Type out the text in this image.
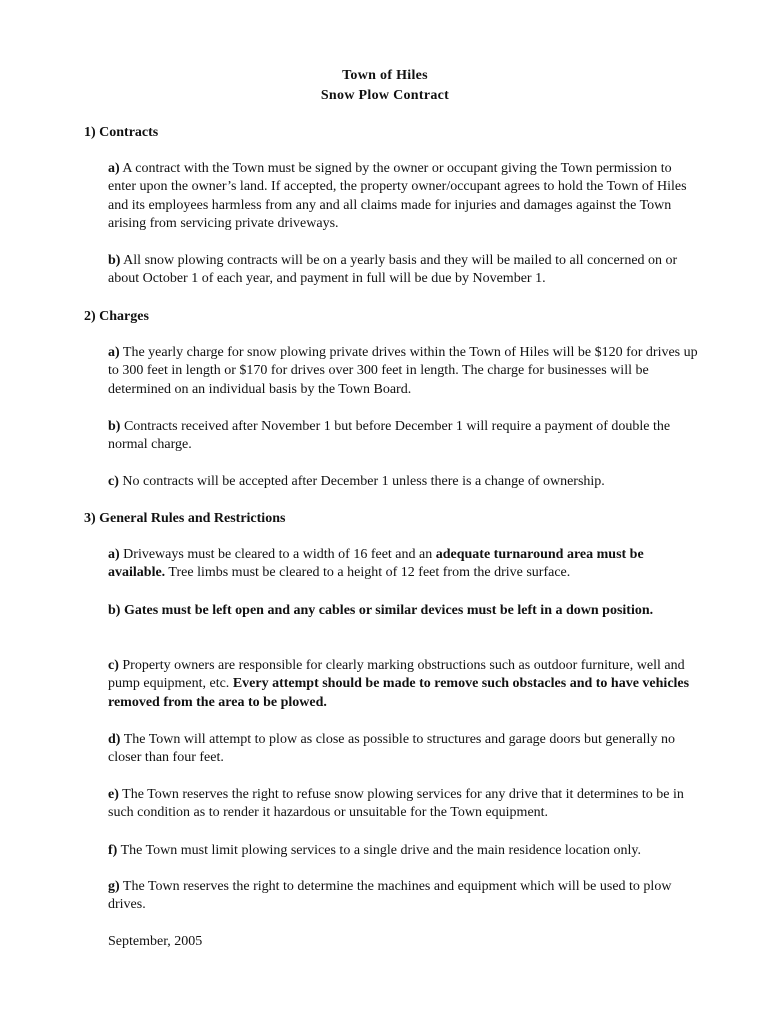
Town of Hiles
Snow Plow Contract
1) Contracts
a) A contract with the Town must be signed by the owner or occupant giving the Town permission to enter upon the owner’s land. If accepted, the property owner/occupant agrees to hold the Town of Hiles and its employees harmless from any and all claims made for injuries and damages against the Town arising from servicing private driveways.
b) All snow plowing contracts will be on a yearly basis and they will be mailed to all concerned on or about October 1 of each year, and payment in full will be due by November 1.
2) Charges
a) The yearly charge for snow plowing private drives within the Town of Hiles will be $120 for drives up to 300 feet in length or $170 for drives over 300 feet in length. The charge for businesses will be determined on an individual basis by the Town Board.
b) Contracts received after November 1 but before December 1 will require a payment of double the normal charge.
c) No contracts will be accepted after December 1 unless there is a change of ownership.
3) General Rules and Restrictions
a) Driveways must be cleared to a width of 16 feet and an adequate turnaround area must be available. Tree limbs must be cleared to a height of 12 feet from the drive surface.
b) Gates must be left open and any cables or similar devices must be left in a down position.
c) Property owners are responsible for clearly marking obstructions such as outdoor furniture, well and pump equipment, etc. Every attempt should be made to remove such obstacles and to have vehicles removed from the area to be plowed.
d) The Town will attempt to plow as close as possible to structures and garage doors but generally no closer than four feet.
e) The Town reserves the right to refuse snow plowing services for any drive that it determines to be in such condition as to render it hazardous or unsuitable for the Town equipment.
f) The Town must limit plowing services to a single drive and the main residence location only.
g) The Town reserves the right to determine the machines and equipment which will be used to plow drives.
September, 2005
